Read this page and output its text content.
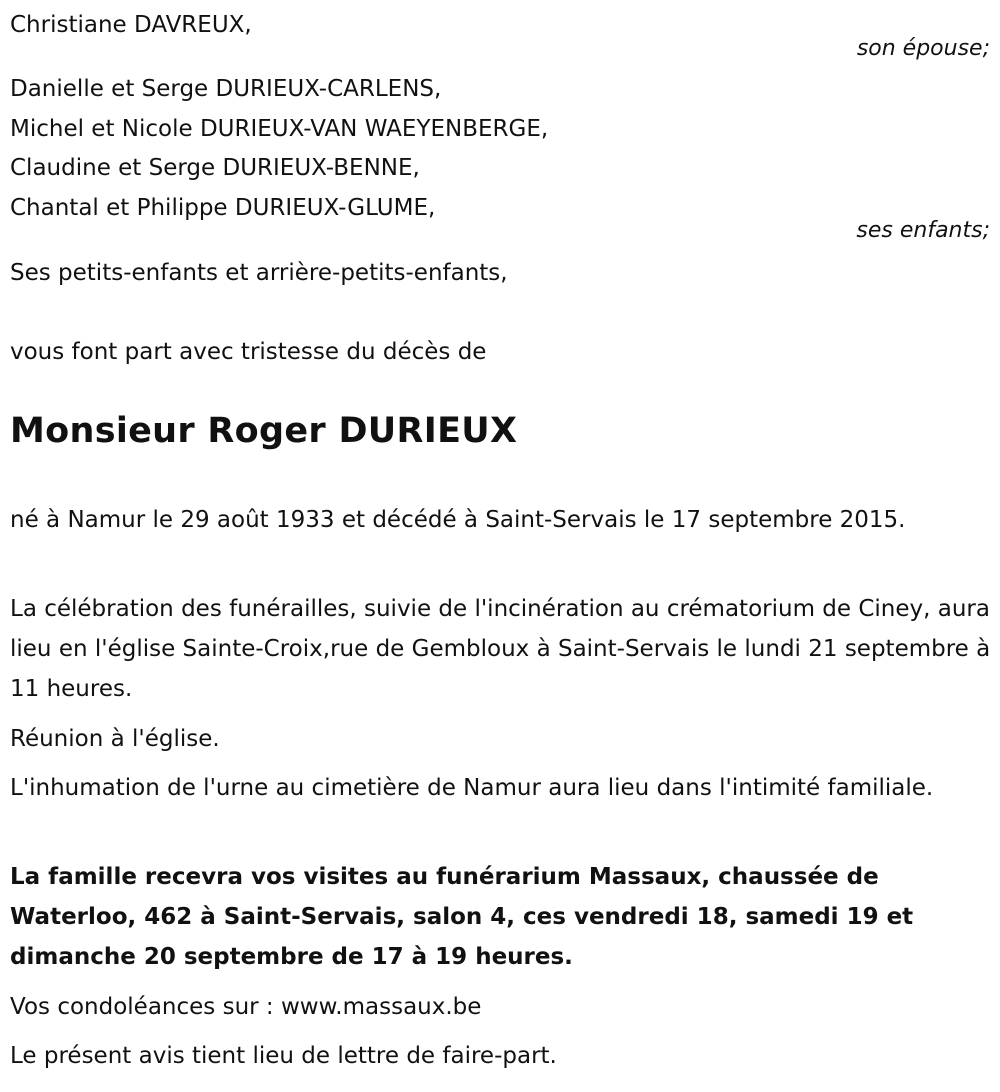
Christiane DAVREUX,
son épouse;
Danielle et Serge DURIEUX-CARLENS,
Michel et Nicole DURIEUX-VAN WAEYENBERGE,
Claudine et Serge DURIEUX-BENNE,
Chantal et Philippe DURIEUX-GLUME,
ses enfants;
Ses petits-enfants et arrière-petits-enfants,
vous font part avec tristesse du décès de
Monsieur Roger DURIEUX
né à Namur le 29 août 1933 et décédé à Saint-Servais le 17 septembre 2015.
La célébration des funérailles, suivie de l'incinération au crématorium de Ciney, aura lieu en l'église Sainte-Croix,rue de Gembloux à Saint-Servais le lundi 21 septembre à 11 heures.
Réunion à l'église.
L'inhumation de l'urne au cimetière de Namur aura lieu dans l'intimité familiale.
La famille recevra vos visites au funérarium Massaux, chaussée de Waterloo, 462 à Saint-Servais, salon 4, ces vendredi 18, samedi 19 et dimanche 20 septembre de 17 à 19 heures.
Vos condoléances sur : www.massaux.be
Le présent avis tient lieu de lettre de faire-part.
